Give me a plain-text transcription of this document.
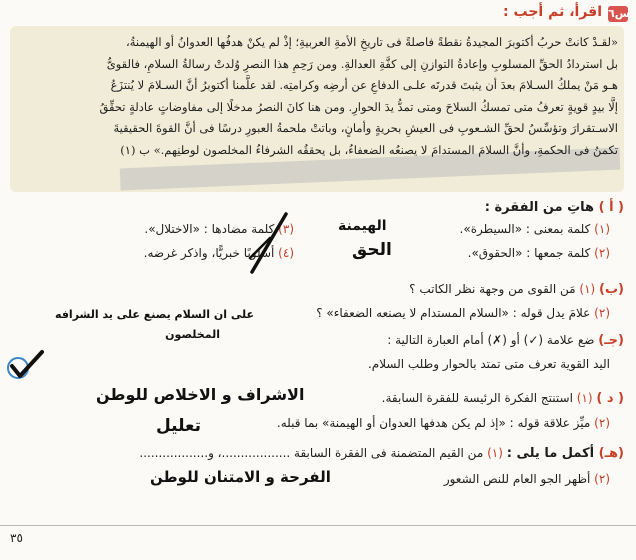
س٦
اقرأ، ثم أجب :
«لقـدْ كانتْ حربُ أكتوبرَ المجيدةُ نقطةً فاصلةً فى تاريخِ الأمةِ العربيةِ؛ إذْ لم يكنْ هدفُها العدوانُ أو الهيمنةُ،
بل استردادُ الحقِّ المسلوبِ وإعادةُ التوازنِ إلى كفَّةِ العدالةِ. ومن رَحِمِ هذا النصرِ وُلدتْ رسالةُ السلامِ، فالقوىُّ
هـو مَنْ يملكُ السـلامَ بعدَ أن يثبتَ قدرتَه علـى الدفاعِ عن أرضِه وكرامتِه. لقد علَّمنا أكتوبرُ أنَّ السـلامَ لا يُنتزَعُ
إلَّا بيدٍ قويةٍ تعرفُ متى تمسكُ السلاحَ ومتى تمدُّ يدَ الحوارِ. ومن هنا كانَ النصرُ مدخلًا إلى مفاوضاتٍ عادلةٍ تحقِّقُ
الاسـتقرارَ وتؤسِّسُ لحقِّ الشـعوبِ فى العيشِ بحريةٍ وأمانٍ، وباتتْ ملحمةُ العبورِ درسًا فى أنَّ القوةَ الحقيقيةَ
تكمنُ فى الحكمةِ، وأنَّ السلامَ المستدامَ لا يصنعُه الضعفاءُ، بل يحققُه الشرفاءُ المخلصون لوطنِهم.» ب (١)
( أ ) هاتِ من الفقرة :
(١) كلمة بمعنى : «السيطرة».
الهيمنة
(٢) كلمة جمعها : «الحقوق».
الحق
(٣) كلمة مضادها : «الاختلال».
(٤) أسلوبًا خبريًّا، واذكر غرضه.
(ب) (١) مَن القوى من وجهة نظر الكاتب ؟
(٢) علامَ يدل قوله : «السلام المستدام لا يصنعه الضعفاء» ؟
على ان السلام يصنع على يد الشرافه
المخلصون	(جـ) ضع علامة (✓) أو (✗) أمام العبارة التالية :
اليد القوية تعرف متى تمتد بالحوار وطلب السلام.
( د ) (١) استنتج الفكرة الرئيسة للفقرة السابقة.
الاشراف و الاخلاص للوطن
(٢) ميِّز علاقة قوله : «إذ لم يكن هدفها العدوان أو الهيمنة» بما قبله.
تعليل
(هـ) أكمل ما يلى : (١) من القيم المتضمنة فى الفقرة السابقة ..................، و..................
(٢) أظهر الجو العام للنص الشعور
الفرحة و الامتنان للوطن
٣٥
